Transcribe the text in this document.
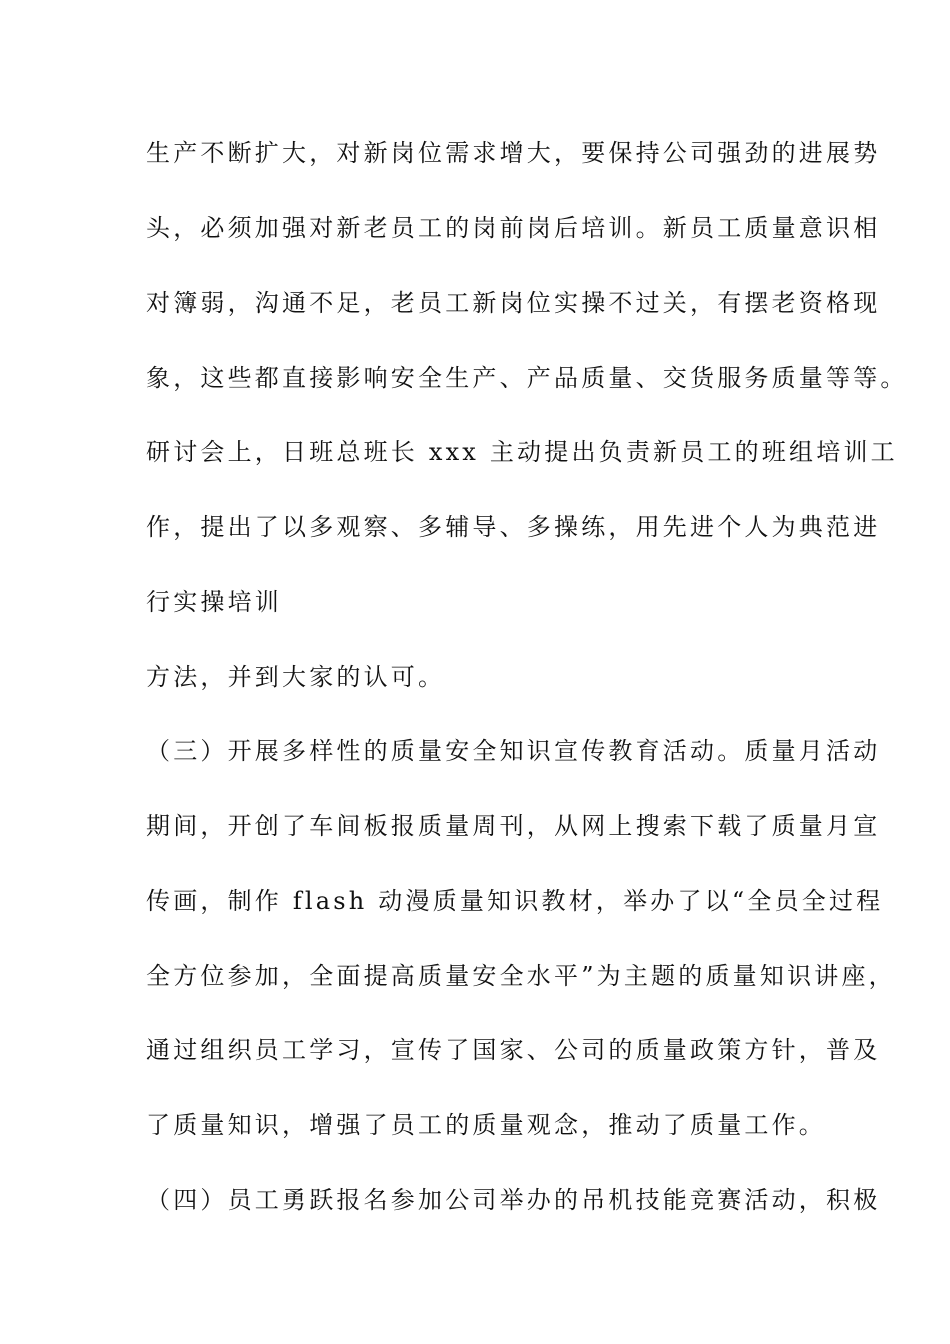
生产不断扩大，对新岗位需求增大，要保持公司强劲的进展势

头，必须加强对新老员工的岗前岗后培训。新员工质量意识相

对簿弱，沟通不足，老员工新岗位实操不过关，有摆老资格现

象，这些都直接影响安全生产、产品质量、交货服务质量等等。

研讨会上，日班总班长 xxx 主动提出负责新员工的班组培训工

作，提出了以多观察、多辅导、多操练，用先进个人为典范进

行实操培训

方法，并到大家的认可。

（三）开展多样性的质量安全知识宣传教育活动。质量月活动

期间，开创了车间板报质量周刊，从网上搜索下载了质量月宣

传画，制作 flash 动漫质量知识教材，举办了以“全员全过程

全方位参加，全面提高质量安全水平”为主题的质量知识讲座，

通过组织员工学习，宣传了国家、公司的质量政策方针，普及

了质量知识，增强了员工的质量观念，推动了质量工作。

（四）员工勇跃报名参加公司举办的吊机技能竞赛活动，积极
